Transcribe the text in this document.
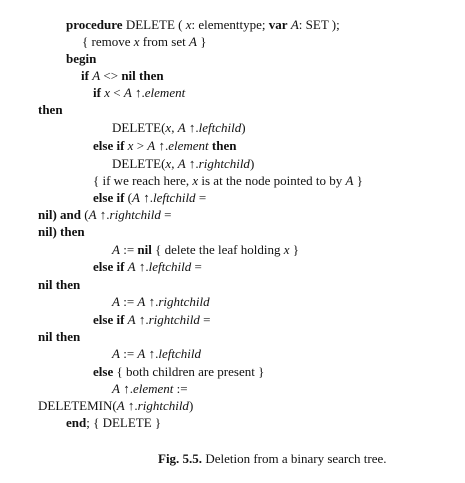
procedure DELETE ( x: elementtype; var A: SET );
{ remove x from set A }
begin
if A <> nil then
if x < A ↑.element
then
DELETE(x, A ↑.leftchild)
else if x > A ↑.element then
DELETE(x, A ↑.rightchild)
{ if we reach here, x is at the node pointed to by A }
else if (A ↑.leftchild =
nil) and (A ↑.rightchild =
nil) then
A := nil { delete the leaf holding x }
else if A ↑.leftchild =
nil then
A := A ↑.rightchild
else if A ↑.rightchild =
nil then
A := A ↑.leftchild
else { both children are present }
A ↑.element :=
DELETEMIN(A ↑.rightchild)
end; { DELETE }
Fig. 5.5. Deletion from a binary search tree.
